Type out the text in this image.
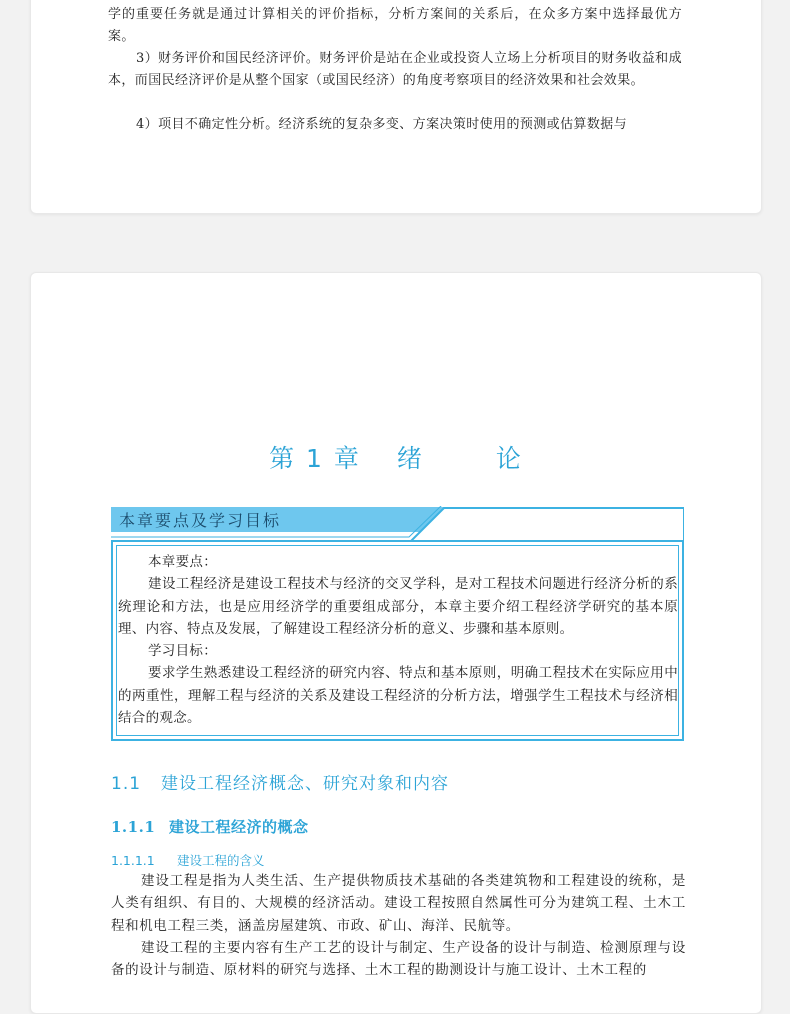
学的重要任务就是通过计算相关的评价指标，分析方案间的关系后，在众多方案中选择最优方案。

3）财务评价和国民经济评价。财务评价是站在企业或投资人立场上分析项目的财务收益和成本，而国民经济评价是从整个国家（或国民经济）的角度考察项目的经济效果和社会效果。

4）项目不确定性分析。经济系统的复杂多变、方案决策时使用的预测或估算数据与

第 1 章 绪	论
本章要点及学习目标

本章要点：

建设工程经济是建设工程技术与经济的交叉学科，是对工程技术问题进行经济分析的系统理论和方法，也是应用经济学的重要组成部分，本章主要介绍工程经济学研究的基本原理、内容、特点及发展，了解建设工程经济分析的意义、步骤和基本原则。

学习目标：

要求学生熟悉建设工程经济的研究内容、特点和基本原则，明确工程技术在实际应用中的两重性，理解工程与经济的关系及建设工程经济的分析方法，增强学生工程技术与经济相结合的观念。

1.1 建设工程经济概念、研究对象和内容
1.1.1 建设工程经济的概念
1.1.1.1 建设工程的含义

建设工程是指为人类生活、生产提供物质技术基础的各类建筑物和工程建设的统称，是人类有组织、有目的、大规模的经济活动。建设工程按照自然属性可分为建筑工程、土木工程和机电工程三类，涵盖房屋建筑、市政、矿山、海洋、民航等。

建设工程的主要内容有生产工艺的设计与制定、生产设备的设计与制造、检测原理与设备的设计与制造、原材料的研究与选择、土木工程的勘测设计与施工设计、土木工程的
